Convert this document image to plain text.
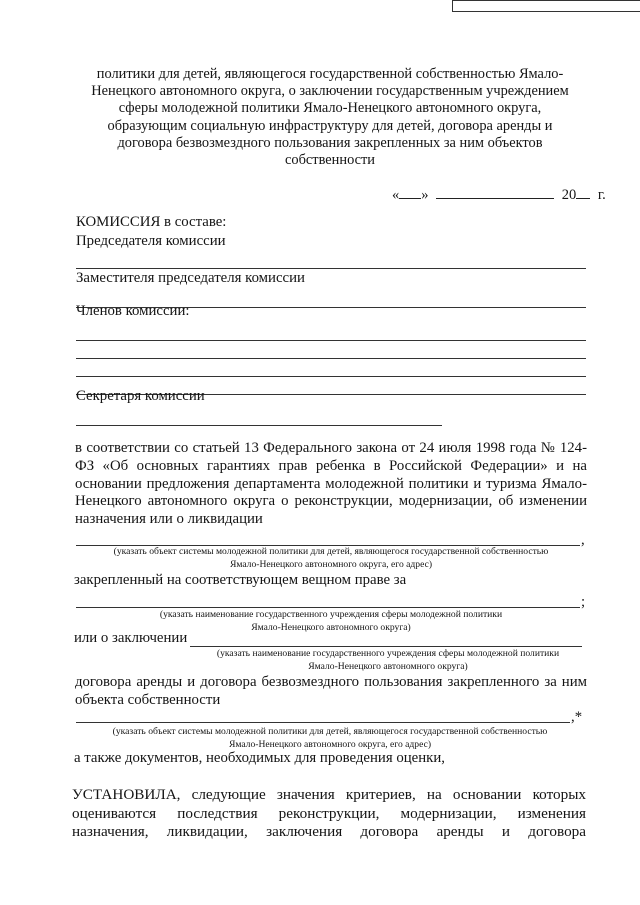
политики для детей, являющегося государственной собственностью Ямало-
Ненецкого автономного округа, о заключении государственным учреждением
сферы молодежной политики Ямало-Ненецкого автономного округа,
образующим социальную инфраструктуру для детей, договора аренды и
договора безвозмездного пользования закрепленных за ним объектов
собственности
« »	20 г.
КОМИССИЯ в составе:
Председателя комиссии
Заместителя председателя комиссии
Членов комиссии:
Секретаря комиссии
в соответствии со статьей 13 Федерального закона от 24 июля 1998 года № 124-
ФЗ «Об основных гарантиях прав ребенка в Российской Федерации» и на
основании предложения департамента молодежной политики и туризма Ямало-
Ненецкого автономного округа о реконструкции, модернизации, об изменении
назначения или о ликвидации
,
(указать объект системы молодежной политики для детей, являющегося государственной собственностью
Ямало-Ненецкого автономного округа, его адрес)
закрепленный на соответствующем вещном праве за
;
(указать наименование государственного учреждения сферы молодежной политики
Ямало-Ненецкого автономного округа)
или о заключении
(указать наименование государственного учреждения сферы молодежной политики
Ямало-Ненецкого автономного округа)
договора аренды и договора безвозмездного пользования закрепленного за ним
объекта собственности
,*
(указать объект системы молодежной политики для детей, являющегося государственной собственностью
Ямало-Ненецкого автономного округа, его адрес)
а также документов, необходимых для проведения оценки,
УСТАНОВИЛА, следующие значения критериев, на основании которых
оцениваются последствия реконструкции, модернизации, изменения
назначения, ликвидации, заключения договора аренды и договора
